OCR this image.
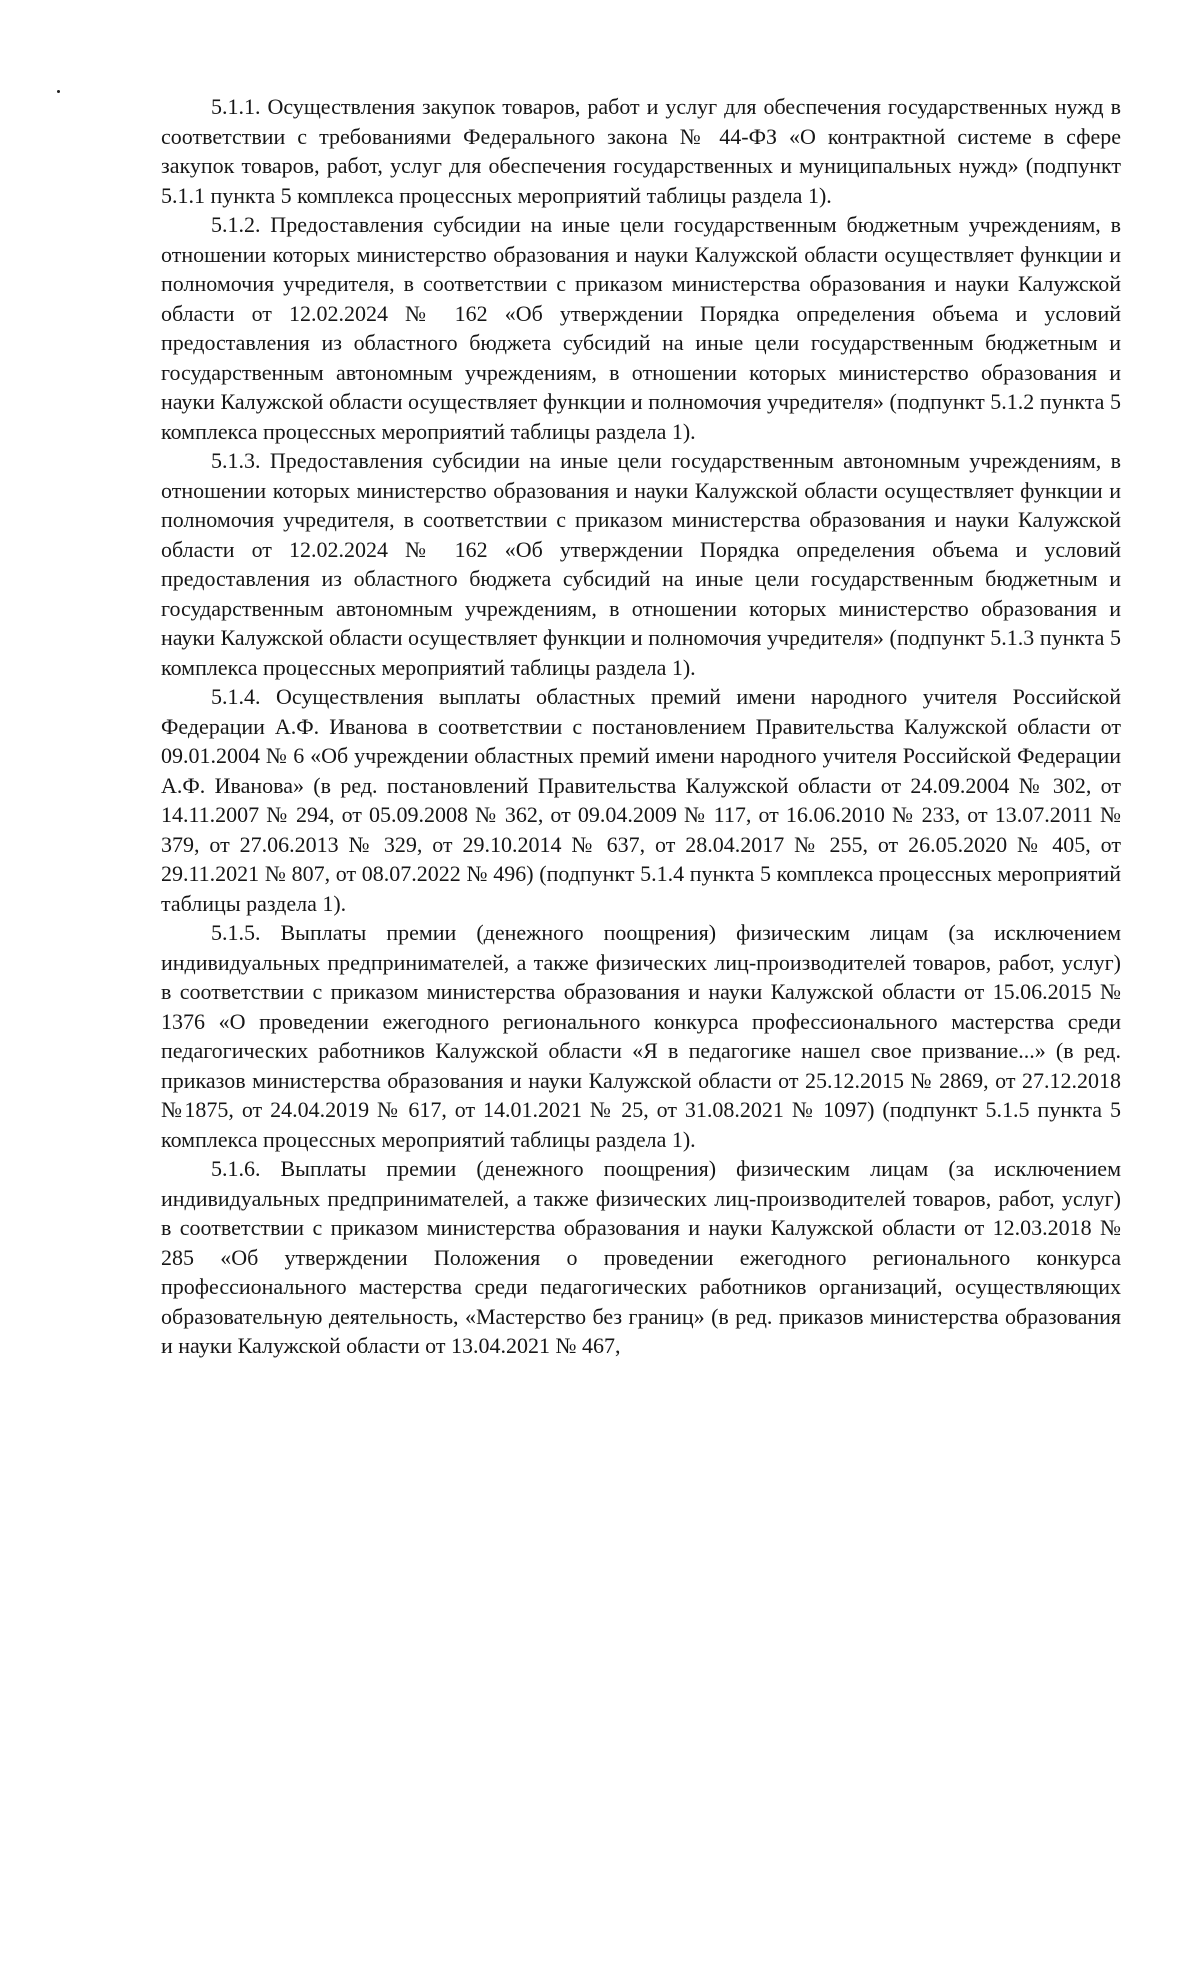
5.1.1. Осуществления закупок товаров, работ и услуг для обеспечения государственных нужд в соответствии с требованиями Федерального закона № 44-ФЗ «О контрактной системе в сфере закупок товаров, работ, услуг для обеспечения государственных и муниципальных нужд» (подпункт 5.1.1 пункта 5 комплекса процессных мероприятий таблицы раздела 1).

5.1.2. Предоставления субсидии на иные цели государственным бюджетным учреждениям, в отношении которых министерство образования и науки Калужской области осуществляет функции и полномочия учредителя, в соответствии с приказом министерства образования и науки Калужской области от 12.02.2024 № 162 «Об утверждении Порядка определения объема и условий предоставления из областного бюджета субсидий на иные цели государственным бюджетным и государственным автономным учреждениям, в отношении которых министерство образования и науки Калужской области осуществляет функции и полномочия учредителя» (подпункт 5.1.2 пункта 5 комплекса процессных мероприятий таблицы раздела 1).

5.1.3. Предоставления субсидии на иные цели государственным автономным учреждениям, в отношении которых министерство образования и науки Калужской области осуществляет функции и полномочия учредителя, в соответствии с приказом министерства образования и науки Калужской области от 12.02.2024 № 162 «Об утверждении Порядка определения объема и условий предоставления из областного бюджета субсидий на иные цели государственным бюджетным и государственным автономным учреждениям, в отношении которых министерство образования и науки Калужской области осуществляет функции и полномочия учредителя» (подпункт 5.1.3 пункта 5 комплекса процессных мероприятий таблицы раздела 1).

5.1.4. Осуществления выплаты областных премий имени народного учителя Российской Федерации А.Ф. Иванова в соответствии с постановлением Правительства Калужской области от 09.01.2004 № 6 «Об учреждении областных премий имени народного учителя Российской Федерации А.Ф. Иванова» (в ред. постановлений Правительства Калужской области от 24.09.2004 № 302, от 14.11.2007 № 294, от 05.09.2008 № 362, от 09.04.2009 № 117, от 16.06.2010 № 233, от 13.07.2011 № 379, от 27.06.2013 № 329, от 29.10.2014 № 637, от 28.04.2017 № 255, от 26.05.2020 № 405, от 29.11.2021 № 807, от 08.07.2022 № 496) (подпункт 5.1.4 пункта 5 комплекса процессных мероприятий таблицы раздела 1).

5.1.5. Выплаты премии (денежного поощрения) физическим лицам (за исключением индивидуальных предпринимателей, а также физических лиц-производителей товаров, работ, услуг) в соответствии с приказом министерства образования и науки Калужской области от 15.06.2015 № 1376 «О проведении ежегодного регионального конкурса профессионального мастерства среди педагогических работников Калужской области «Я в педагогике нашел свое призвание...» (в ред. приказов министерства образования и науки Калужской области от 25.12.2015 № 2869, от 27.12.2018 №1875, от 24.04.2019 № 617, от 14.01.2021 № 25, от 31.08.2021 № 1097) (подпункт 5.1.5 пункта 5 комплекса процессных мероприятий таблицы раздела 1).

5.1.6. Выплаты премии (денежного поощрения) физическим лицам (за исключением индивидуальных предпринимателей, а также физических лиц-производителей товаров, работ, услуг) в соответствии с приказом министерства образования и науки Калужской области от 12.03.2018 № 285 «Об утверждении Положения о проведении ежегодного регионального конкурса профессионального мастерства среди педагогических работников организаций, осуществляющих образовательную деятельность, «Мастерство без границ» (в ред. приказов министерства образования и науки Калужской области от 13.04.2021 № 467,
